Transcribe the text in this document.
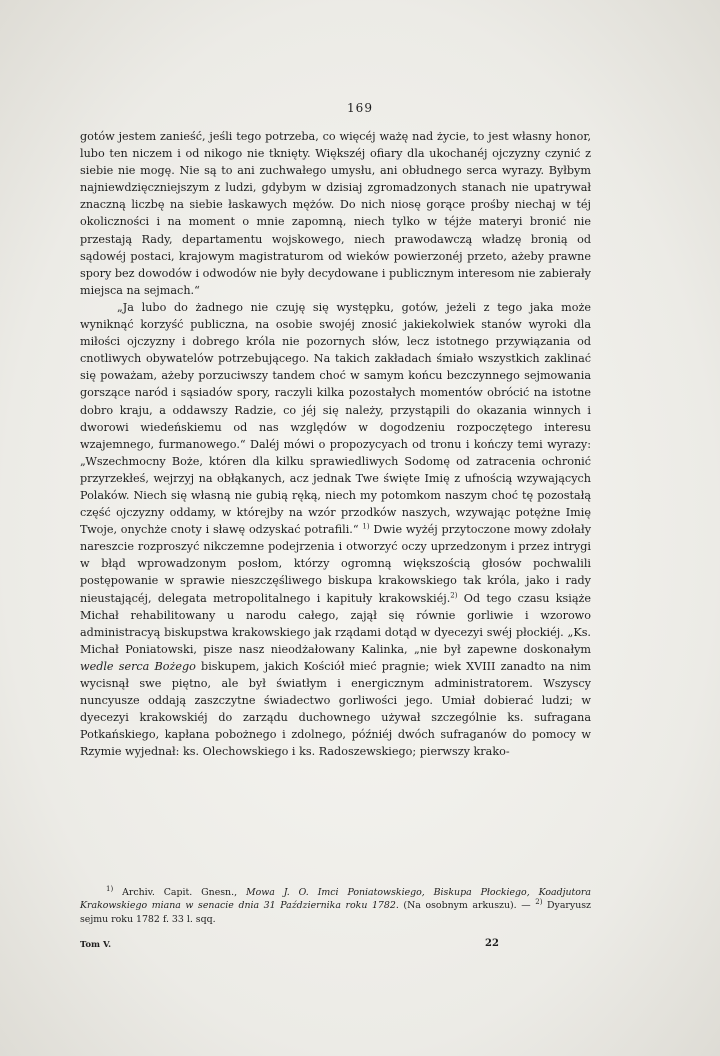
169

gotów jestem zanieść, jeśli tego potrzeba, co więcéj ważę nad życie, to jest własny honor, lubo ten niczem i od nikogo nie tknięty. Większéj ofiary dla ukochanéj ojczyzny czynić z siebie nie mogę. Nie są to ani zuchwałego umysłu, ani obłudnego serca wyrazy. Byłbym najniewdzięczniejszym z ludzi, gdybym w dzisiaj zgromadzonych stanach nie upatrywał znaczną liczbę na siebie łaskawych mężów. Do nich niosę gorące prośby niechaj w téj okoliczności i na moment o mnie zapomną, niech tylko w téjże materyi bronić nie przestają Rady, departamentu wojskowego, niech prawodawczą władzę bronią od sądowéj postaci, krajowym magistraturom od wieków powierzonéj przeto, ażeby prawne spory bez dowodów i odwodów nie były decydowane i publicznym interesom nie zabierały miejsca na sejmach.“

„Ja lubo do żadnego nie czuję się występku, gotów, jeżeli z tego jaka może wyniknąć korzyść publiczna, na osobie swojéj znosić jakiekolwiek stanów wyroki dla miłości ojczyzny i dobrego króla nie pozornych słów, lecz istotnego przywiązania od cnotliwych obywatelów potrzebującego. Na takich zakładach śmiało wszystkich zaklinać się poważam, ażeby porzuciwszy tandem choć w samym końcu bezczynnego sejmowania gorszące naród i sąsiadów spory, raczyli kilka pozostałych momentów obrócić na istotne dobro kraju, a oddawszy Radzie, co jéj się należy, przystąpili do okazania winnych i dworowi wiedeńskiemu od nas względów w dogodzeniu rozpoczętego interesu wzajemnego, furmanowego.“ Daléj mówi o propozycyach od tronu i kończy temi wyrazy: „Wszechmocny Boże, któren dla kilku sprawiedliwych Sodomę od zatracenia ochronić przyrzekłeś, wejrzyj na obłąkanych, acz jednak Twe święte Imię z ufnością wzywających Polaków. Niech się własną nie gubią ręką, niech my potomkom naszym choć tę pozostałą część ojczyzny oddamy, w którejby na wzór przodków naszych, wzywając potężne Imię Twoje, onychże cnoty i sławę odzyskać potrafili.“ $^{1)}$ Dwie wyżéj przytoczone mowy zdołały nareszcie rozproszyć nikczemne podejrzenia i otworzyć oczy uprzedzonym i przez intrygi w błąd wprowadzonym posłom, którzy ogromną większością głosów pochwalili postępowanie w sprawie nieszczęśliwego biskupa krakowskiego tak króla, jako i rady nieustającéj, delegata metropolitalnego i kapituły krakowskiéj.$^{2)}$ Od tego czasu książe Michał rehabilitowany u narodu całego, zajął się równie gorliwie i wzorowo administracyą biskupstwa krakowskiego jak rządami dotąd w dyecezyi swéj płockiéj. „Ks. Michał Poniatowski, pisze nasz nieodżałowany Kalinka, „nie był zapewne doskonałym wedle serca Bożego biskupem, jakich Kościół mieć pragnie; wiek XVIII zanadto na nim wycisnął swe piętno, ale był światłym i energicznym administratorem. Wszyscy nuncyusze oddają zaszczytne świadectwo gorliwości jego. Umiał dobierać ludzi; w dyecezyi krakowskiéj do zarządu duchownego używał szczególnie ks. sufragana Potkańskiego, kapłana pobożnego i zdolnego, późniéj dwóch sufraganów do pomocy w Rzymie wyjednał: ks. Olechowskiego i ks. Radoszewskiego; pierwszy krako-

$^{1)}$ Archiv. Capit. Gnesn., Mowa J. O. Imci Poniatowskiego, Biskupa Płockiego, Koadjutora Krakowskiego miana w senacie dnia 31 Października roku 1782. (Na osobnym arkuszu). — $^{2)}$ Dyaryusz sejmu roku 1782 f. 33 l. sqq.

Tom V.	22
